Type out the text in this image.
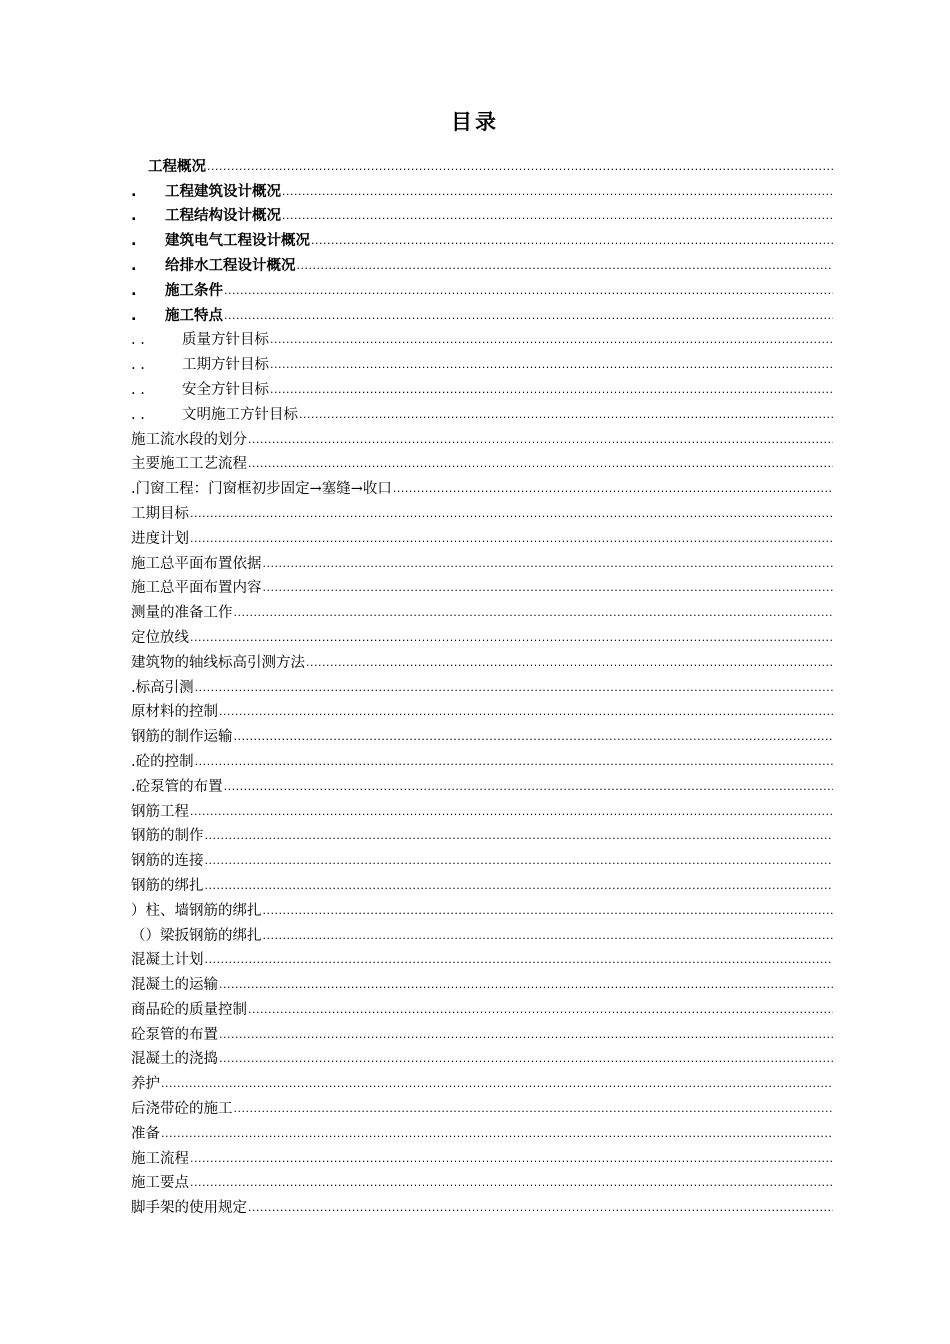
目录
工程概况
.....
.	工程建筑设计概况
.....
.	工程结构设计概况
.....
.	建筑电气工程设计概况
.....
.	给排水工程设计概况
.....
.	施工条件
.....
.	施工特点
.....
. .	质量方针目标
.....
. .	工期方针目标
.....
. .	安全方针目标
.....
. .	文明施工方针目标
.....
施工流水段的划分
.....
主要施工工艺流程
.....
.门窗工程：门窗框初步固定→塞缝→收口
.....
工期目标
.....
进度计划
.....
施工总平面布置依据
.....
施工总平面布置内容
.....
测量的准备工作
.....
定位放线
.....
建筑物的轴线标高引测方法
.....
.标高引测
.....
原材料的控制
.....
钢筋的制作运输
.....
.砼的控制
.....
.砼泵管的布置
.....
钢筋工程
.....
钢筋的制作
.....
钢筋的连接
.....
钢筋的绑扎
.....
）柱、墙钢筋的绑扎
.....
（）梁扳钢筋的绑扎
.....
混凝土计划
.....
混凝土的运输
.....
商品砼的质量控制
.....
砼泵管的布置
.....
混凝土的浇捣
.....
养护
.....
后浇带砼的施工
.....
准备
.....
施工流程
.....
施工要点
.....
脚手架的使用规定
.....
